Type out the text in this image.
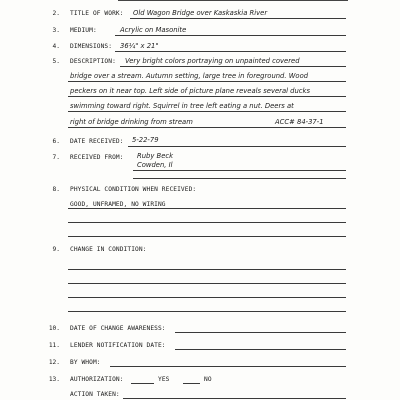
2. TITLE OF WORK: Old Wagon Bridge over Kaskaskia River
3. MEDIUM:	Acrylic on Masonite
4. DIMENSIONS: 36¼" x 21"
5. DESCRIPTION: Very bright colors portraying on unpainted covered
bridge over a stream. Autumn setting, large tree in foreground. Wood
peckers on it near top. Left side of picture plane reveals several ducks
swimming toward right. Squirrel in tree left eating a nut. Deers at
right of bridge drinking from stream	ACC# 84-37-1
6. DATE RECEIVED: 5-22-79
7. RECEIVED FROM: Ruby Beck
Cowden, Il
8. PHYSICAL CONDITION WHEN RECEIVED:
GOOD, UNFRAMED, NO WIRING
9. CHANGE IN CONDITION:
10. DATE OF CHANGE AWARENESS:
11. LENDER NOTIFICATION DATE:
12. BY WHOM:
13. AUTHORIZATION:	YES	NO
ACTION TAKEN:
